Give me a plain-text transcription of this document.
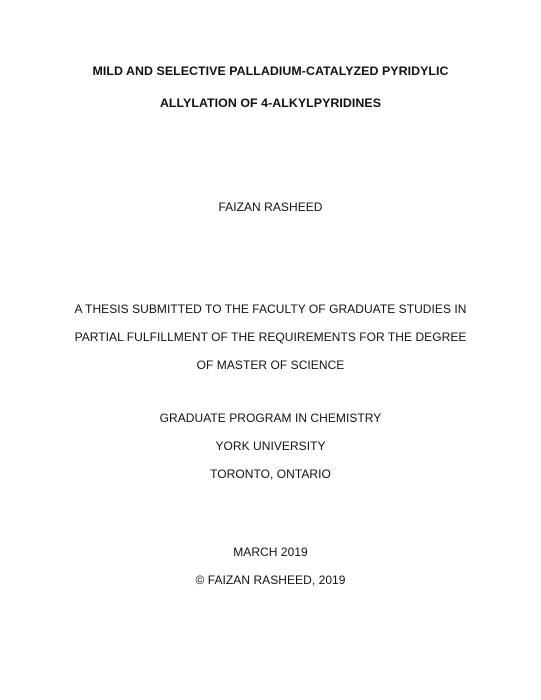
MILD AND SELECTIVE PALLADIUM-CATALYZED PYRIDYLIC
ALLYLATION OF 4-ALKYLPYRIDINES
FAIZAN RASHEED
A THESIS SUBMITTED TO THE FACULTY OF GRADUATE STUDIES IN
PARTIAL FULFILLMENT OF THE REQUIREMENTS FOR THE DEGREE
OF MASTER OF SCIENCE
GRADUATE PROGRAM IN CHEMISTRY
YORK UNIVERSITY
TORONTO, ONTARIO
MARCH 2019
© FAIZAN RASHEED, 2019
